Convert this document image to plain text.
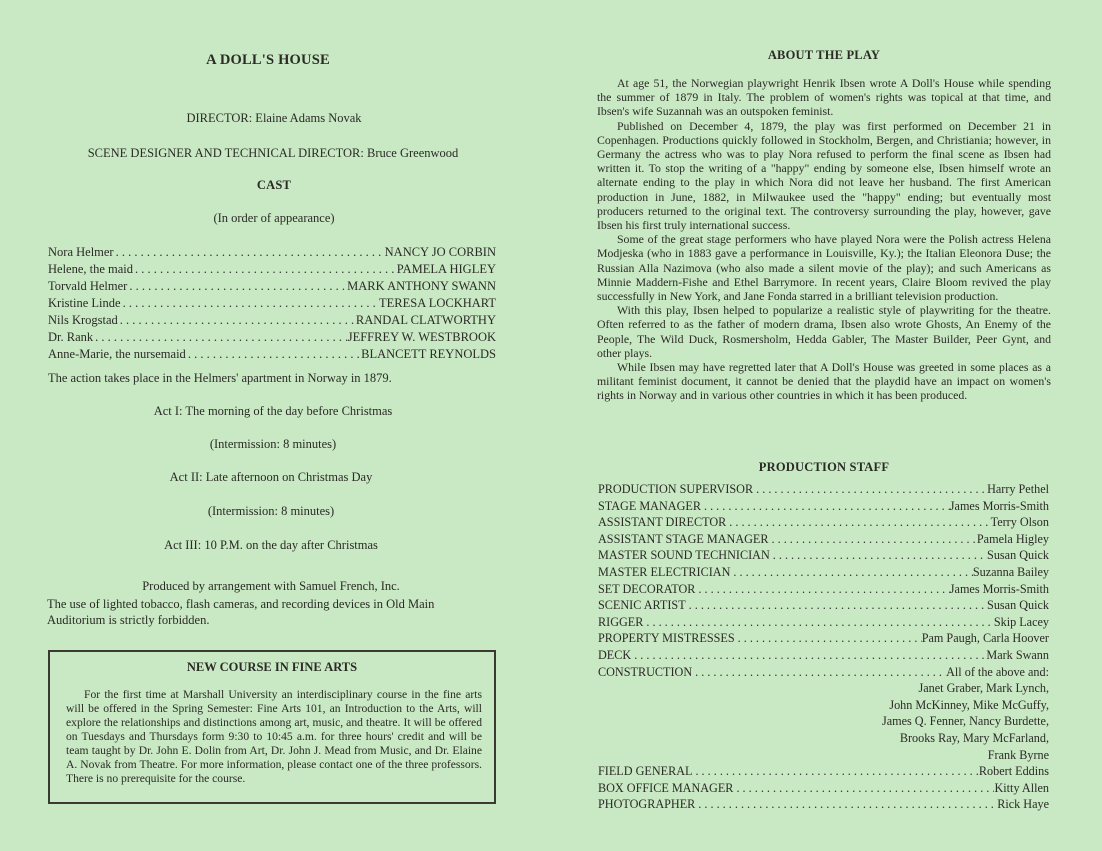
A DOLL'S HOUSE
DIRECTOR: Elaine Adams Novak
SCENE DESIGNER AND TECHNICAL DIRECTOR: Bruce Greenwood
CAST
(In order of appearance)
Nora Helmer . . .	NANCY JO CORBIN
Helene, the maid . . .	PAMELA HIGLEY
Torvald Helmer . . .	MARK ANTHONY SWANN
Kristine Linde . . .	TERESA LOCKHART
Nils Krogstad . . .	RANDAL CLATWORTHY
Dr. Rank . . .	JEFFREY W. WESTBROOK
Anne-Marie, the nursemaid . . .	BLANCETT REYNOLDS
The action takes place in the Helmers' apartment in Norway in 1879.
Act I: The morning of the day before Christmas
(Intermission: 8 minutes)
Act II: Late afternoon on Christmas Day
(Intermission: 8 minutes)
Act III: 10 P.M. on the day after Christmas
Produced by arrangement with Samuel French, Inc.
The use of lighted tobacco, flash cameras, and recording devices in Old Main
Auditorium is strictly forbidden.
NEW COURSE IN FINE ARTS

For the first time at Marshall University an interdisciplinary course in the fine arts will be offered in the Spring Semester: Fine Arts 101, an Introduction to the Arts, will explore the relationships and distinctions among art, music, and theatre. It will be offered on Tuesdays and Thursdays form 9:30 to 10:45 a.m. for three hours' credit and will be team taught by Dr. John E. Dolin from Art, Dr. John J. Mead from Music, and Dr. Elaine A. Novak from Theatre. For more information, please contact one of the three professors. There is no prerequisite for the course.

ABOUT THE PLAY

At age 51, the Norwegian playwright Henrik Ibsen wrote A Doll's House while spending the summer of 1879 in Italy. The problem of women's rights was topical at that time, and Ibsen's wife Suzannah was an outspoken feminist.

Published on December 4, 1879, the play was first performed on December 21 in Copenhagen. Productions quickly followed in Stockholm, Bergen, and Christiania; however, in Germany the actress who was to play Nora refused to perform the final scene as Ibsen had written it. To stop the writing of a "happy" ending by someone else, Ibsen himself wrote an alternate ending to the play in which Nora did not leave her husband. The first American production in June, 1882, in Milwaukee used the "happy" ending; but eventually most producers returned to the original text. The controversy surrounding the play, however, gave Ibsen his first truly international success.

Some of the great stage performers who have played Nora were the Polish actress Helena Modjeska (who in 1883 gave a performance in Louisville, Ky.); the Italian Eleonora Duse; the Russian Alla Nazimova (who also made a silent movie of the play); and such Americans as Minnie Maddern-Fishe and Ethel Barrymore. In recent years, Claire Bloom revived the play successfully in New York, and Jane Fonda starred in a brilliant television production.

With this play, Ibsen helped to popularize a realistic style of playwriting for the theatre. Often referred to as the father of modern drama, Ibsen also wrote Ghosts, An Enemy of the People, The Wild Duck, Rosmersholm, Hedda Gabler, The Master Builder, Peer Gynt, and other plays.

While Ibsen may have regretted later that A Doll's House was greeted in some places as a militant feminist document, it cannot be denied that the playdid have an impact on women's rights in Norway and in various other countries in which it has been produced.

PRODUCTION STAFF
PRODUCTION SUPERVISOR . . .	Harry Pethel
STAGE MANAGER . . .	James Morris-Smith
ASSISTANT DIRECTOR . . .	Terry Olson
ASSISTANT STAGE MANAGER . . .	Pamela Higley
MASTER SOUND TECHNICIAN . . .	Susan Quick
MASTER ELECTRICIAN . . .	Suzanna Bailey
SET DECORATOR . . .	James Morris-Smith
SCENIC ARTIST . . .	Susan Quick
RIGGER . . .	Skip Lacey
PROPERTY MISTRESSES . . .	Pam Paugh, Carla Hoover
DECK . . .	Mark Swann
CONSTRUCTION . . .	All of the above and:
Janet Graber, Mark Lynch,
John McKinney, Mike McGuffy,
James Q. Fenner, Nancy Burdette,
Brooks Ray, Mary McFarland,
Frank Byrne
FIELD GENERAL . . .	Robert Eddins
BOX OFFICE MANAGER . . .	Kitty Allen
PHOTOGRAPHER . . .	Rick Haye
